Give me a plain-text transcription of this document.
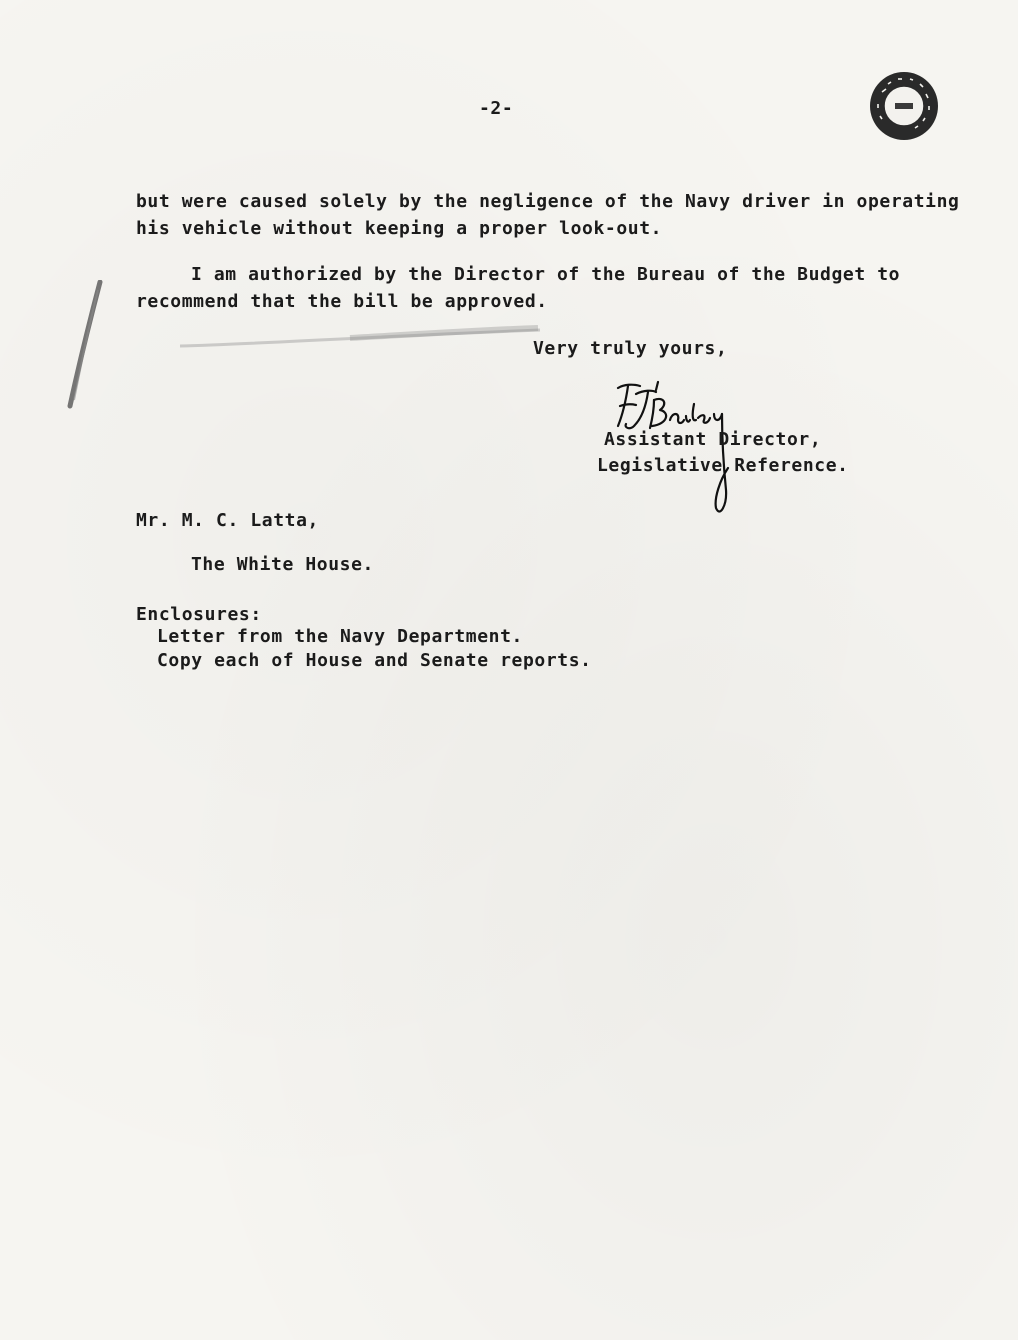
-2-
but were caused solely by the negligence of the Navy driver in operating
his vehicle without keeping a proper look-out.
I am authorized by the Director of the Bureau of the Budget to
recommend that the bill be approved.
Very truly yours,
Assistant Director,
Legislative Reference.
Mr. M. C. Latta,
The White House.
Enclosures:
Letter from the Navy Department.
Copy each of House and Senate reports.
